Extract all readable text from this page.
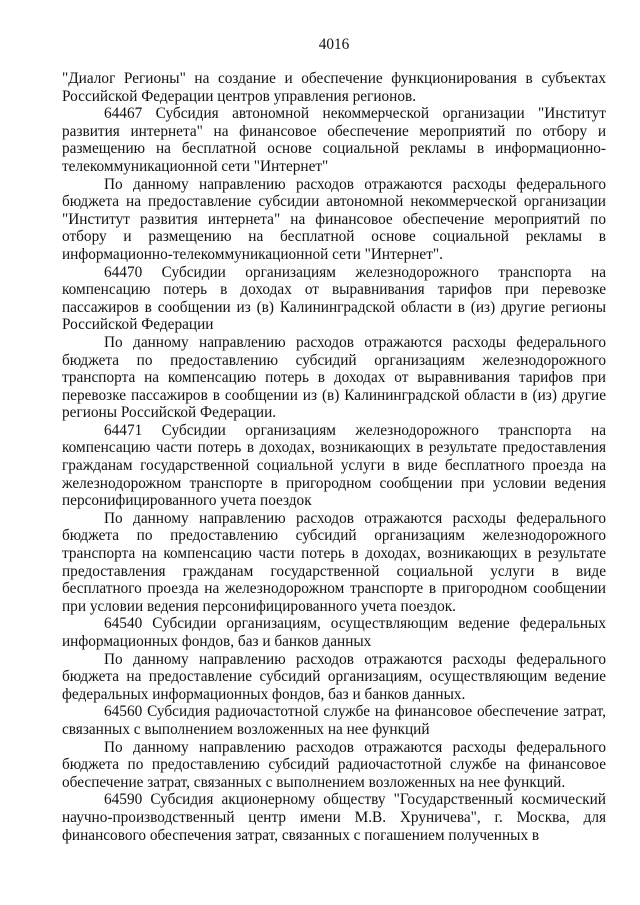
4016

"Диалог Регионы" на создание и обеспечение функционирования в субъектах Российской Федерации центров управления регионов.

64467 Субсидия автономной некоммерческой организации "Институт развития интернета" на финансовое обеспечение мероприятий по отбору и размещению на бесплатной основе социальной рекламы в информационно-телекоммуникационной сети "Интернет"

По данному направлению расходов отражаются расходы федерального бюджета на предоставление субсидии автономной некоммерческой организации "Институт развития интернета" на финансовое обеспечение мероприятий по отбору и размещению на бесплатной основе социальной рекламы в информационно-телекоммуникационной сети "Интернет".

64470 Субсидии организациям железнодорожного транспорта на компенсацию потерь в доходах от выравнивания тарифов при перевозке пассажиров в сообщении из (в) Калининградской области в (из) другие регионы Российской Федерации

По данному направлению расходов отражаются расходы федерального бюджета по предоставлению субсидий организациям железнодорожного транспорта на компенсацию потерь в доходах от выравнивания тарифов при перевозке пассажиров в сообщении из (в) Калининградской области в (из) другие регионы Российской Федерации.

64471 Субсидии организациям железнодорожного транспорта на компенсацию части потерь в доходах, возникающих в результате предоставления гражданам государственной социальной услуги в виде бесплатного проезда на железнодорожном транспорте в пригородном сообщении при условии ведения персонифицированного учета поездок

По данному направлению расходов отражаются расходы федерального бюджета по предоставлению субсидий организациям железнодорожного транспорта на компенсацию части потерь в доходах, возникающих в результате предоставления гражданам государственной социальной услуги в виде бесплатного проезда на железнодорожном транспорте в пригородном сообщении при условии ведения персонифицированного учета поездок.

64540 Субсидии организациям, осуществляющим ведение федеральных информационных фондов, баз и банков данных

По данному направлению расходов отражаются расходы федерального бюджета на предоставление субсидий организациям, осуществляющим ведение федеральных информационных фондов, баз и банков данных.

64560 Субсидия радиочастотной службе на финансовое обеспечение затрат, связанных с выполнением возложенных на нее функций

По данному направлению расходов отражаются расходы федерального бюджета по предоставлению субсидий радиочастотной службе на финансовое обеспечение затрат, связанных с выполнением возложенных на нее функций.

64590 Субсидия акционерному обществу "Государственный космический научно-производственный центр имени М.В. Хруничева", г. Москва, для финансового обеспечения затрат, связанных с погашением полученных в
